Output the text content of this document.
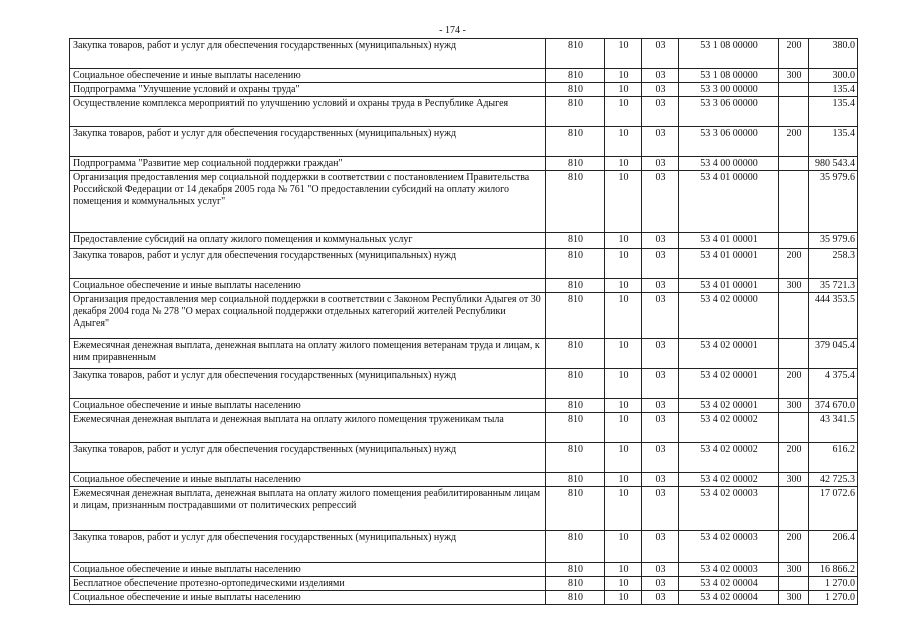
- 174 -
Закупка товаров, работ и услуг для обеспечения государственных (муниципальных) нужд	810	10	03	53 1 08 00000	200	380.0
Социальное обеспечение и иные выплаты населению	810	10	03	53 1 08 00000	300	300.0
Подпрограмма "Улучшение условий и охраны труда"	810	10	03	53 3 00 00000		135.4
Осуществление комплекса мероприятий по улучшению условий и охраны труда в Республике Адыгея	810	10	03	53 3 06 00000		135.4
Закупка товаров, работ и услуг для обеспечения государственных (муниципальных) нужд	810	10	03	53 3 06 00000	200	135.4
Подпрограмма "Развитие мер социальной поддержки граждан"	810	10	03	53 4 00 00000		980 543.4
Организация предоставления мер социальной поддержки в соответствии с постановлением Правительства Российской Федерации от 14 декабря 2005 года № 761 "О предоставлении субсидий на оплату жилого помещения и коммунальных услуг"	810	10	03	53 4 01 00000		35 979.6
Предоставление субсидий на оплату жилого помещения и коммунальных услуг	810	10	03	53 4 01 00001		35 979.6
Закупка товаров, работ и услуг для обеспечения государственных (муниципальных) нужд	810	10	03	53 4 01 00001	200	258.3
Социальное обеспечение и иные выплаты населению	810	10	03	53 4 01 00001	300	35 721.3
Организация предоставления мер социальной поддержки в соответствии с Законом Республики Адыгея от 30 декабря 2004 года № 278 "О мерах социальной поддержки отдельных категорий жителей Республики Адыгея"	810	10	03	53 4 02 00000		444 353.5
Ежемесячная денежная выплата, денежная выплата на оплату жилого помещения ветеранам труда и лицам, к ним приравненным	810	10	03	53 4 02 00001		379 045.4
Закупка товаров, работ и услуг для обеспечения государственных (муниципальных) нужд	810	10	03	53 4 02 00001	200	4 375.4
Социальное обеспечение и иные выплаты населению	810	10	03	53 4 02 00001	300	374 670.0
Ежемесячная денежная выплата и денежная выплата на оплату жилого помещения труженикам тыла	810	10	03	53 4 02 00002		43 341.5
Закупка товаров, работ и услуг для обеспечения государственных (муниципальных) нужд	810	10	03	53 4 02 00002	200	616.2
Социальное обеспечение и иные выплаты населению	810	10	03	53 4 02 00002	300	42 725.3
Ежемесячная денежная выплата, денежная выплата на оплату жилого помещения реабилитированным лицам и лицам, признанным пострадавшими от политических репрессий	810	10	03	53 4 02 00003		17 072.6
Закупка товаров, работ и услуг для обеспечения государственных (муниципальных) нужд	810	10	03	53 4 02 00003	200	206.4
Социальное обеспечение и иные выплаты населению	810	10	03	53 4 02 00003	300	16 866.2
Бесплатное обеспечение протезно-ортопедическими изделиями	810	10	03	53 4 02 00004		1 270.0
Социальное обеспечение и иные выплаты населению	810	10	03	53 4 02 00004	300	1 270.0
